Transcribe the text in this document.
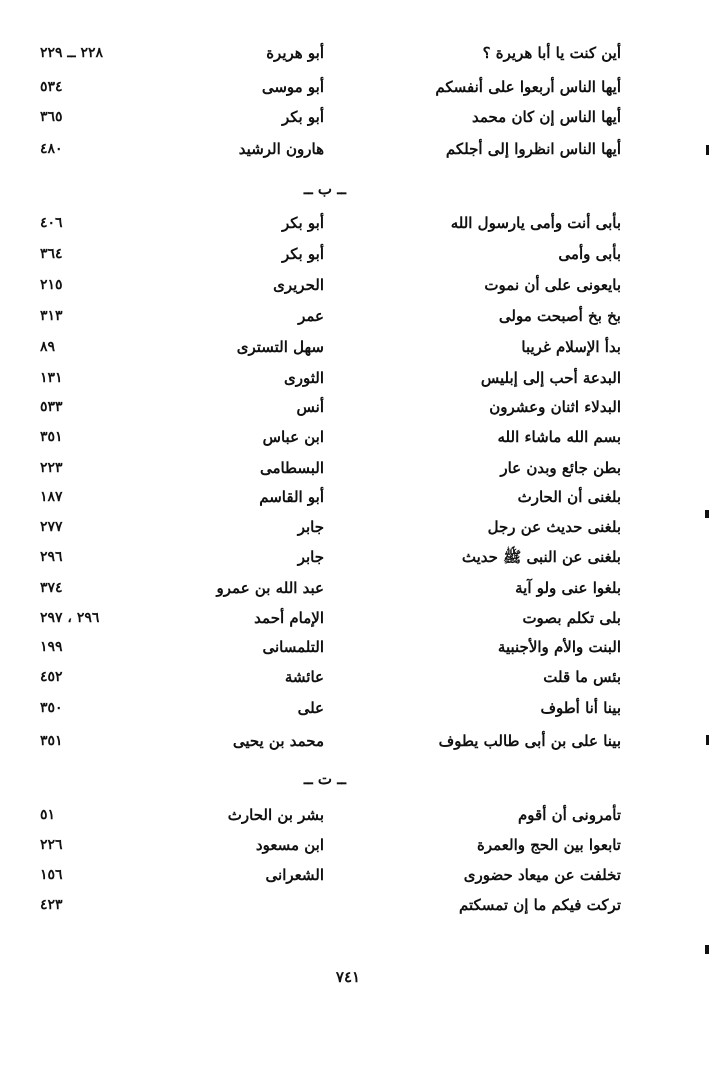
أين كنت يا أبا هريرة ؟
أبو هريرة
٢٢٨ ــ ٢٢٩
أيها الناس أربعوا على أنفسكم
أبو موسى
٥٣٤
أيها الناس إن كان محمد
أبو بكر
٣٦٥
أيها الناس انظروا إلى أجلكم
هارون الرشيد
٤٨٠
ــ ب ــ
بأبى أنت وأمى يارسول الله
أبو بكر
٤٠٦
بأبى وأمى
أبو بكر
٣٦٤
بايعونى على أن نموت
الحريرى
٢١٥
بخ بخ أصبحت مولى
عمر
٣١٣
بدأ الإسلام غريبا
سهل التسترى
٨٩
البدعة أحب إلى إبليس
الثورى
١٣١
البدلاء اثنان وعشرون
أنس
٥٣٣
بسم الله ماشاء الله
ابن عباس
٣٥١
بطن جائع وبدن عار
البسطامى
٢٢٣
بلغنى أن الحارث
أبو القاسم
١٨٧
بلغنى حديث عن رجل
جابر
٢٧٧
بلغنى عن النبى ﷺ حديث
جابر
٢٩٦
بلغوا عنى ولو آية
عبد الله بن عمرو
٣٧٤
بلى تكلم بصوت
الإمام أحمد
٢٩٦ ، ٢٩٧
البنت والأم والأجنبية
التلمسانى
١٩٩
بئس ما قلت
عائشة
٤٥٢
بينا أنا أطوف
على
٣٥٠
بينا على بن أبى طالب يطوف
محمد بن يحيى
٣٥١
ــ ت ــ
تأمرونى أن أقوم
بشر بن الحارث
٥١
تابعوا بين الحج والعمرة
ابن مسعود
٢٢٦
تخلفت عن ميعاد حضورى
الشعرانى
١٥٦
تركت فيكم ما إن تمسكتم
٤٢٣
٧٤١
